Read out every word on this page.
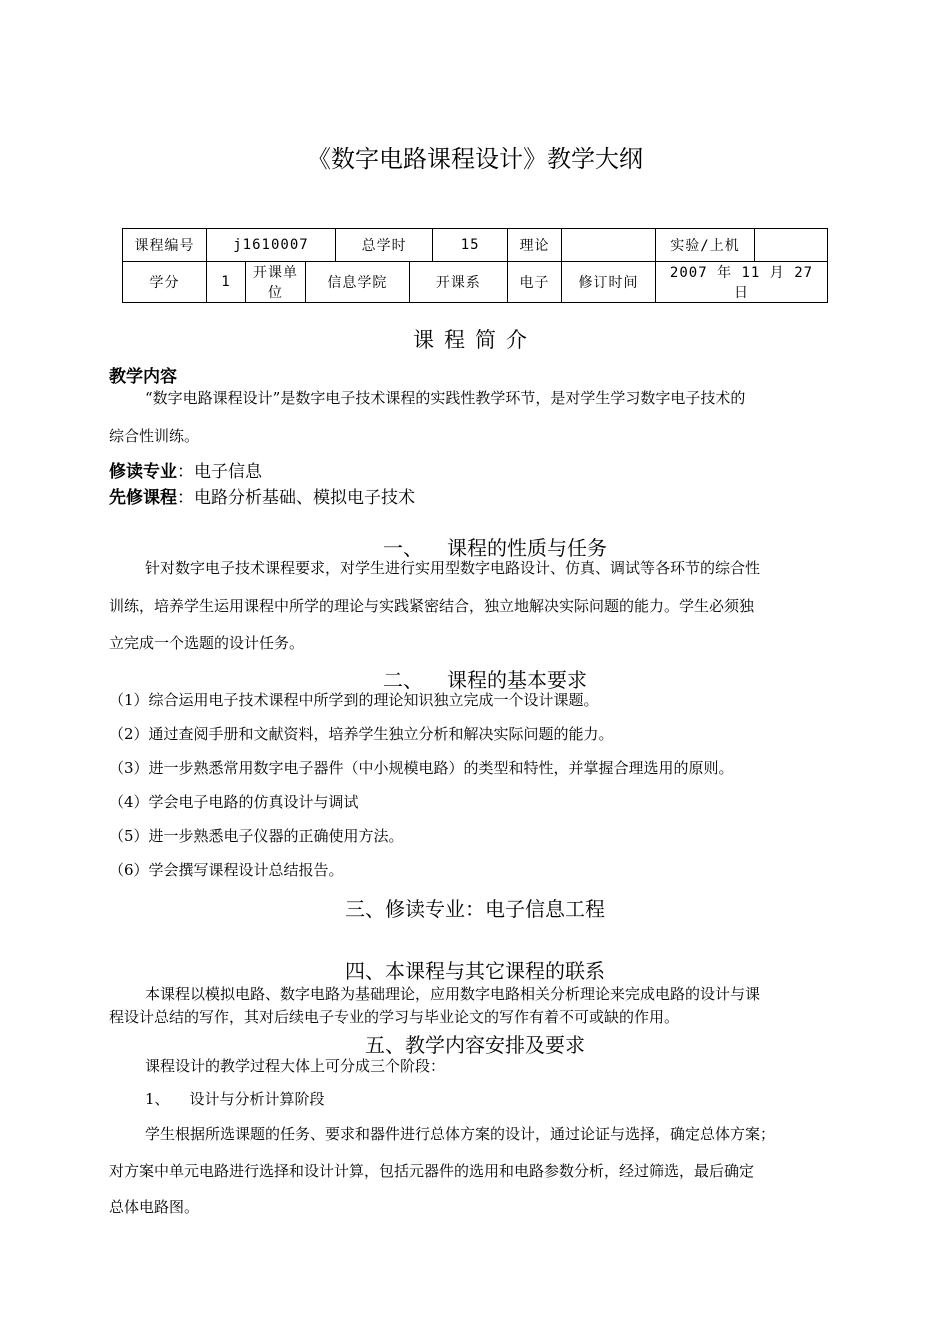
《数字电路课程设计》教学大纲
课程编号	j1610007			总学时		15	理论		实验/上机	
学分	1	开课单位	信息学院		开课系		电子	修订时间	2007 年 11 月 27 日	
课程简介
教学内容
“数字电路课程设计”是数字电子技术课程的实践性教学环节，是对学生学习数字电子技术的
综合性训练。
修读专业：电子信息
先修课程：电路分析基础、模拟电子技术
一、 课程的性质与任务
针对数字电子技术课程要求，对学生进行实用型数字电路设计、仿真、调试等各环节的综合性
训练，培养学生运用课程中所学的理论与实践紧密结合，独立地解决实际问题的能力。学生必须独
立完成一个选题的设计任务。
二、 课程的基本要求
（1）综合运用电子技术课程中所学到的理论知识独立完成一个设计课题。
（2）通过查阅手册和文献资料，培养学生独立分析和解决实际问题的能力。
（3）进一步熟悉常用数字电子器件（中小规模电路）的类型和特性，并掌握合理选用的原则。
（4）学会电子电路的仿真设计与调试
（5）进一步熟悉电子仪器的正确使用方法。
（6）学会撰写课程设计总结报告。
三、修读专业：电子信息工程
四、本课程与其它课程的联系
本课程以模拟电路、数字电路为基础理论，应用数字电路相关分析理论来完成电路的设计与课
程设计总结的写作，其对后续电子专业的学习与毕业论文的写作有着不可或缺的作用。
五、教学内容安排及要求
课程设计的教学过程大体上可分成三个阶段：
1、 设计与分析计算阶段
学生根据所选课题的任务、要求和器件进行总体方案的设计，通过论证与选择，确定总体方案；
对方案中单元电路进行选择和设计计算，包括元器件的选用和电路参数分析，经过筛选，最后确定
总体电路图。
